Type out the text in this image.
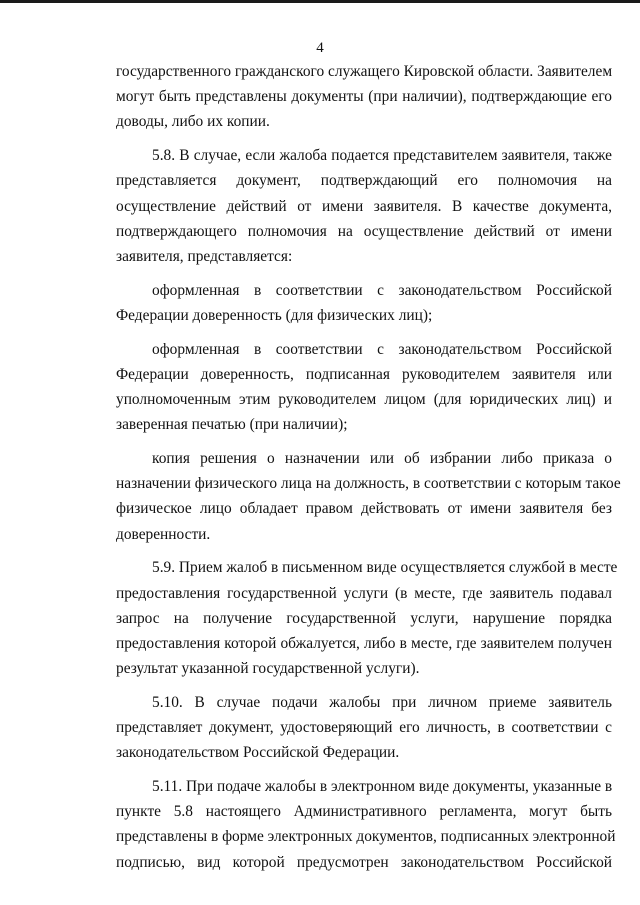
4
государственного гражданского служащего Кировской области. Заявителем
могут быть представлены документы (при наличии), подтверждающие его
доводы, либо их копии.
5.8. В случае, если жалоба подается представителем заявителя, также
представляется документ, подтверждающий его полномочия на
осуществление действий от имени заявителя. В качестве документа,
подтверждающего полномочия на осуществление действий от имени
заявителя, представляется:
оформленная в соответствии с законодательством Российской
Федерации доверенность (для физических лиц);
оформленная в соответствии с законодательством Российской
Федерации доверенность, подписанная руководителем заявителя или
уполномоченным этим руководителем лицом (для юридических лиц) и
заверенная печатью (при наличии);
копия решения о назначении или об избрании либо приказа о
назначении физического лица на должность, в соответствии с которым такое
физическое лицо обладает правом действовать от имени заявителя без
доверенности.
5.9. Прием жалоб в письменном виде осуществляется службой в месте
предоставления государственной услуги (в месте, где заявитель подавал
запрос на получение государственной услуги, нарушение порядка
предоставления которой обжалуется, либо в месте, где заявителем получен
результат указанной государственной услуги).
5.10. В случае подачи жалобы при личном приеме заявитель
представляет документ, удостоверяющий его личность, в соответствии с
законодательством Российской Федерации.
5.11. При подаче жалобы в электронном виде документы, указанные в
пункте 5.8 настоящего Административного регламента, могут быть
представлены в форме электронных документов, подписанных электронной
подписью, вид которой предусмотрен законодательством Российской
